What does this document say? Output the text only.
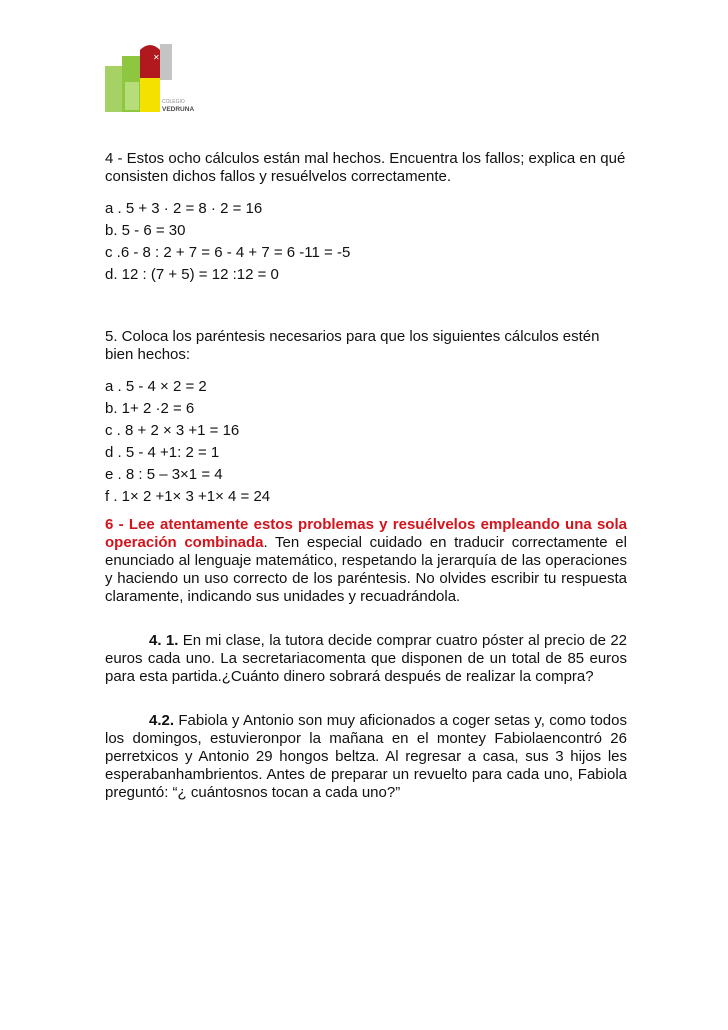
✕
COLEGIO
VEDRUNA

4 - Estos ocho cálculos están mal hechos. Encuentra los fallos; explica en qué consisten dichos fallos y resuélvelos correctamente.

a . 5 + 3 · 2 = 8 · 2 = 16
b. 5 - 6 = 30
c .6 - 8 : 2 + 7 = 6 - 4 + 7 = 6 -11 = -5
d. 12 : (7 + 5) = 12 :12 = 0

5. Coloca los paréntesis necesarios para que los siguientes cálculos estén bien hechos:

a . 5 - 4 × 2 = 2
b. 1+ 2 ·2 = 6
c . 8 + 2 × 3 +1 = 16
d . 5 - 4 +1: 2 = 1
e . 8 : 5 – 3×1 = 4
f . 1× 2 +1× 3 +1× 4 = 24

6 - Lee atentamente estos problemas y resuélvelos empleando una sola operación combinada. Ten especial cuidado en traducir correctamente el enunciado al lenguaje matemático, respetando la jerarquía de las operaciones y haciendo un uso correcto de los paréntesis. No olvides escribir tu respuesta claramente, indicando sus unidades y recuadrándola.

4. 1. En mi clase, la tutora decide comprar cuatro póster al precio de 22 euros cada uno. La secretariacomenta que disponen de un total de 85 euros para esta partida.¿Cuánto dinero sobrará después de realizar la compra?

4.2. Fabiola y Antonio son muy aficionados a coger setas y, como todos los domingos, estuvieronpor la mañana en el montey Fabiolaencontró 26 perretxicos y Antonio 29 hongos beltza. Al regresar a casa, sus 3 hijos les esperabanhambrientos. Antes de preparar un revuelto para cada uno, Fabiola preguntó: “¿ cuántosnos tocan a cada uno?”
